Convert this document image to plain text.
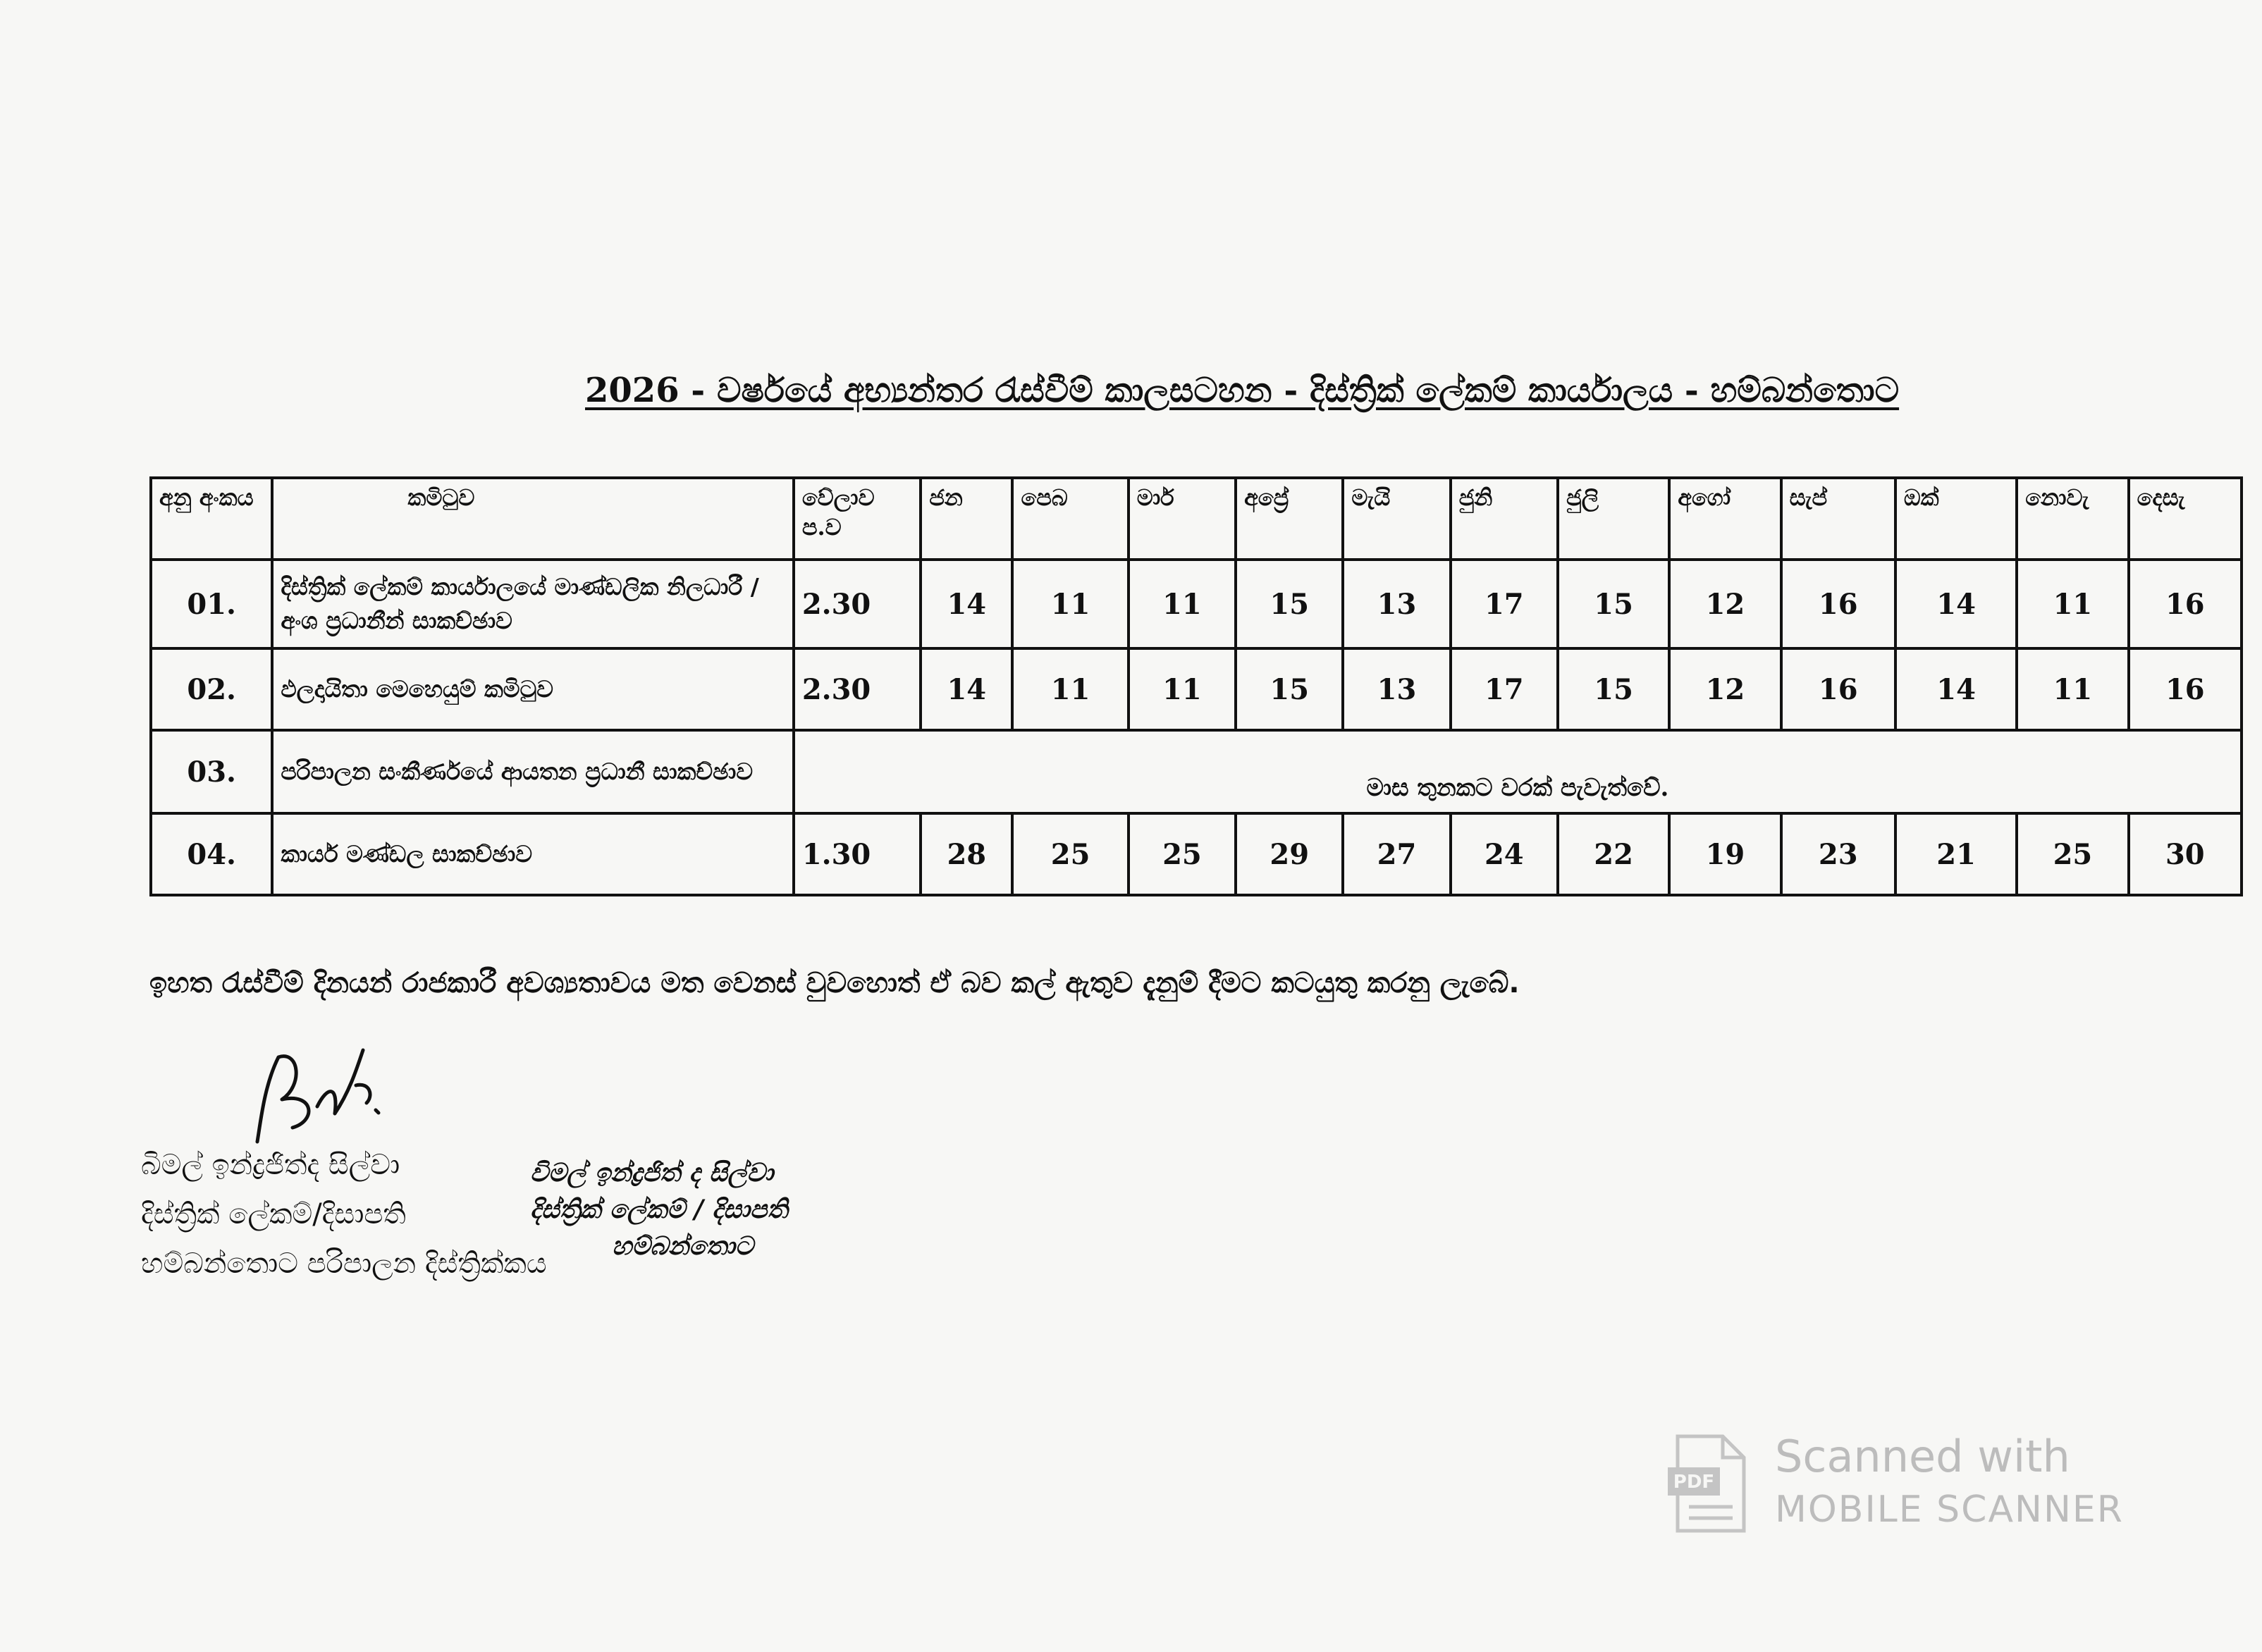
2026 - වර්ෂයේ අභ්‍යන්තර රැස්වීම් කාලසටහන - දිස්ත්‍රික් ලේකම් කාර්යාලය - හම්බන්තොට
අනු අංකය	කමිටුව	වේලාව ප.ව	ජන	පෙබ	මාර්	අප්‍රේ	මැයි	ජුනි	ජුලි	අගෝ	සැප්	ඔක්	නොවැ	දෙසැ
01.	දිස්ත්‍රික් ලේකම් කාර්යාලයේ මාණ්ඩලික නිලධාරී / අංශ ප්‍රධානීන් සාකච්ඡාව	2.30	14	11	11	15	13	17	15	12	16	14	11	16
02.	ඵලදායිතා මෙහෙයුම් කමිටුව	2.30	14	11	11	15	13	17	15	12	16	14	11	16
03.	පරිපාලන සංකීර්ණයේ ආයතන ප්‍රධානී සාකච්ඡාව	මාස තුනකට වරක් පැවැත්වේ.												
04.	කාර්ය මණ්ඩල සාකච්ඡාව	1.30	28	25	25	29	27	24	22	19	23	21	25	30
ඉහත රැස්වීම් දිනයන් රාජකාරී අවශ්‍යතාවය මත වෙනස් වුවහොත් ඒ බව කල් ඇතුව දැනුම් දීමට කටයුතු කරනු ලැබේ.
බිමල් ඉන්ද්‍රජිත්ද සිල්වා
දිස්ත්‍රික් ලේකම්/දිසාපති
හම්බන්තොට පරිපාලන දිස්ත්‍රික්කය
විමල් ඉන්ද්‍රජිත් ද සිල්වා
දිස්ත්‍රික් ලේකම් / දිසාපති
හම්බන්තොට
PDF Scanned with
MOBILE SCANNER
